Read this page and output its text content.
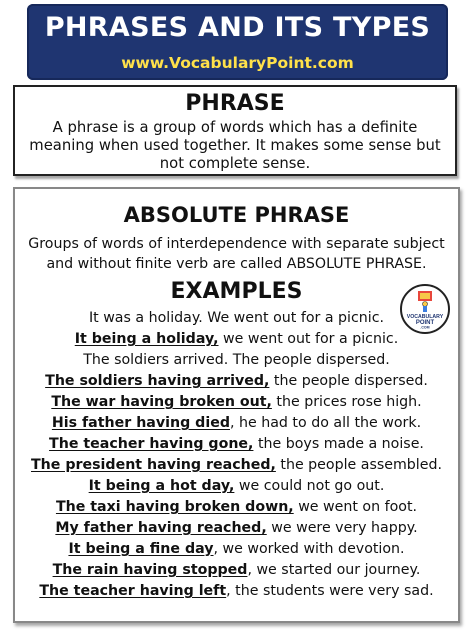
PHRASES AND ITS TYPES
www.VocabularyPoint.com
PHRASE
A phrase is a group of words which has a definite meaning when used together. It makes some sense but not complete sense.
ABSOLUTE PHRASE
Groups of words of interdependence with separate subject and without finite verb are called ABSOLUTE PHRASE.
EXAMPLES
It was a holiday. We went out for a picnic.
It being a holiday, we went out for a picnic.
The soldiers arrived. The people dispersed.
The soldiers having arrived, the people dispersed.
The war having broken out, the prices rose high.
His father having died, he had to do all the work.
The teacher having gone, the boys made a noise.
The president having reached, the people assembled.
It being a hot day, we could not go out.
The taxi having broken down, we went on foot.
My father having reached, we were very happy.
It being a fine day, we worked with devotion.
The rain having stopped, we started our journey.
The teacher having left, the students were very sad.
VOCABULARY
POINT
.COM
